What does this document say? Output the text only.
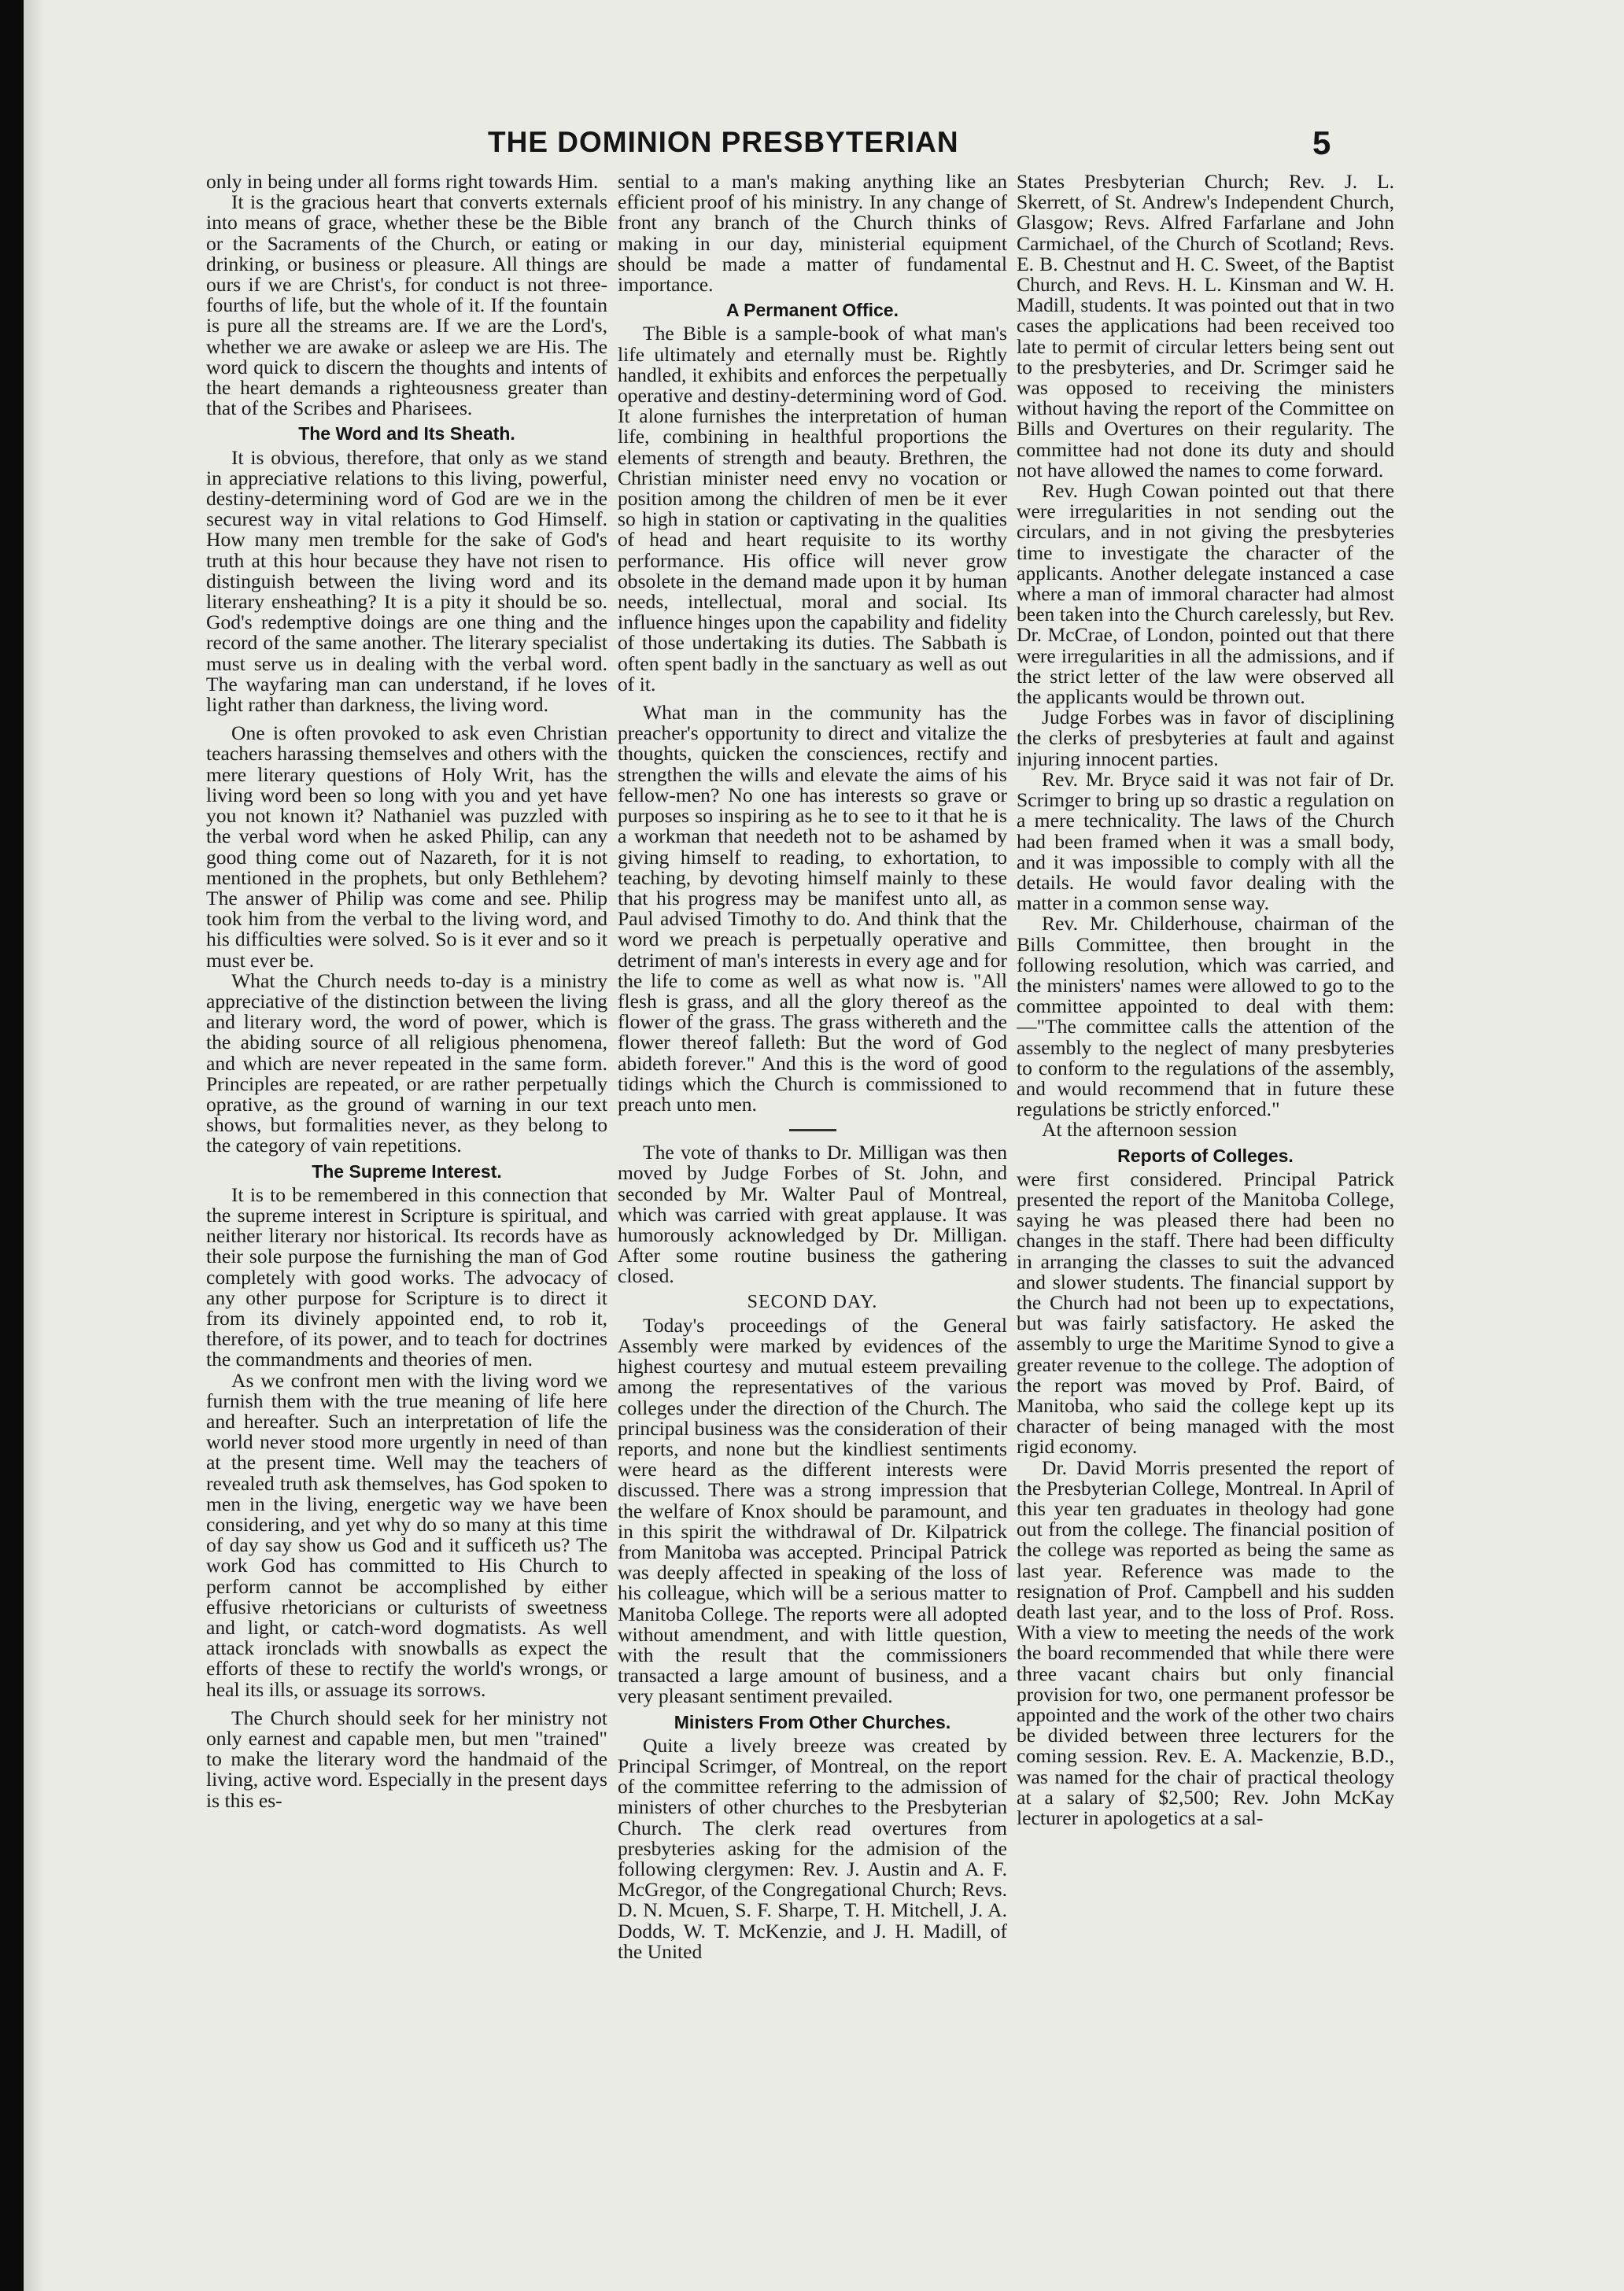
THE DOMINION PRESBYTERIAN	5

only in being under all forms right towards Him.

It is the gracious heart that converts externals into means of grace, whether these be the Bible or the Sacraments of the Church, or eating or drinking, or business or pleasure. All things are ours if we are Christ's, for conduct is not three-fourths of life, but the whole of it. If the fountain is pure all the streams are. If we are the Lord's, whether we are awake or asleep we are His. The word quick to discern the thoughts and intents of the heart demands a righteousness greater than that of the Scribes and Pharisees.

The Word and Its Sheath.

It is obvious, therefore, that only as we stand in appreciative relations to this living, powerful, destiny-determining word of God are we in the securest way in vital relations to God Himself. How many men tremble for the sake of God's truth at this hour because they have not risen to distinguish between the living word and its literary ensheathing? It is a pity it should be so. God's redemptive doings are one thing and the record of the same another. The literary specialist must serve us in dealing with the verbal word. The wayfaring man can understand, if he loves light rather than darkness, the living word.

One is often provoked to ask even Christian teachers harassing themselves and others with the mere literary questions of Holy Writ, has the living word been so long with you and yet have you not known it? Nathaniel was puzzled with the verbal word when he asked Philip, can any good thing come out of Nazareth, for it is not mentioned in the prophets, but only Bethlehem? The answer of Philip was come and see. Philip took him from the verbal to the living word, and his difficulties were solved. So is it ever and so it must ever be.

What the Church needs to-day is a ministry appreciative of the distinction between the living and literary word, the word of power, which is the abiding source of all religious phenomena, and which are never repeated in the same form. Principles are repeated, or are rather perpetually oprative, as the ground of warning in our text shows, but formalities never, as they belong to the category of vain repetitions.

The Supreme Interest.

It is to be remembered in this connection that the supreme interest in Scripture is spiritual, and neither literary nor historical. Its records have as their sole purpose the furnishing the man of God completely with good works. The advocacy of any other purpose for Scripture is to direct it from its divinely appointed end, to rob it, therefore, of its power, and to teach for doctrines the commandments and theories of men.

As we confront men with the living word we furnish them with the true meaning of life here and hereafter. Such an interpretation of life the world never stood more urgently in need of than at the present time. Well may the teachers of revealed truth ask themselves, has God spoken to men in the living, energetic way we have been considering, and yet why do so many at this time of day say show us God and it sufficeth us? The work God has committed to His Church to perform cannot be accomplished by either effusive rhetoricians or culturists of sweetness and light, or catch-word dogmatists. As well attack ironclads with snowballs as expect the efforts of these to rectify the world's wrongs, or heal its ills, or assuage its sorrows.

The Church should seek for her ministry not only earnest and capable men, but men "trained" to make the literary word the handmaid of the living, active word. Especially in the present days is this es-

sential to a man's making anything like an efficient proof of his ministry. In any change of front any branch of the Church thinks of making in our day, ministerial equipment should be made a matter of fundamental importance.

A Permanent Office.

The Bible is a sample-book of what man's life ultimately and eternally must be. Rightly handled, it exhibits and enforces the perpetually operative and destiny-determining word of God. It alone furnishes the interpretation of human life, combining in healthful proportions the elements of strength and beauty. Brethren, the Christian minister need envy no vocation or position among the children of men be it ever so high in station or captivating in the qualities of head and heart requisite to its worthy performance. His office will never grow obsolete in the demand made upon it by human needs, intellectual, moral and social. Its influence hinges upon the capability and fidelity of those undertaking its duties. The Sabbath is often spent badly in the sanctuary as well as out of it.

What man in the community has the preacher's opportunity to direct and vitalize the thoughts, quicken the consciences, rectify and strengthen the wills and elevate the aims of his fellow-men? No one has interests so grave or purposes so inspiring as he to see to it that he is a workman that needeth not to be ashamed by giving himself to reading, to exhortation, to teaching, by devoting himself mainly to these that his progress may be manifest unto all, as Paul advised Timothy to do. And think that the word we preach is perpetually operative and detriment of man's interests in every age and for the life to come as well as what now is. "All flesh is grass, and all the glory thereof as the flower of the grass. The grass withereth and the flower thereof falleth: But the word of God abideth forever." And this is the word of good tidings which the Church is commissioned to preach unto men.

The vote of thanks to Dr. Milligan was then moved by Judge Forbes of St. John, and seconded by Mr. Walter Paul of Montreal, which was carried with great applause. It was humorously acknowledged by Dr. Milligan. After some routine business the gathering closed.

SECOND DAY.

Today's proceedings of the General Assembly were marked by evidences of the highest courtesy and mutual esteem prevailing among the representatives of the various colleges under the direction of the Church. The principal business was the consideration of their reports, and none but the kindliest sentiments were heard as the different interests were discussed. There was a strong impression that the welfare of Knox should be paramount, and in this spirit the withdrawal of Dr. Kilpatrick from Manitoba was accepted. Principal Patrick was deeply affected in speaking of the loss of his colleague, which will be a serious matter to Manitoba College. The reports were all adopted without amendment, and with little question, with the result that the commissioners transacted a large amount of business, and a very pleasant sentiment prevailed.

Ministers From Other Churches.

Quite a lively breeze was created by Principal Scrimger, of Montreal, on the report of the committee referring to the admission of ministers of other churches to the Presbyterian Church. The clerk read overtures from presbyteries asking for the admision of the following clergymen: Rev. J. Austin and A. F. McGregor, of the Congregational Church; Revs. D. N. Mcuen, S. F. Sharpe, T. H. Mitchell, J. A. Dodds, W. T. McKenzie, and J. H. Madill, of the United

States Presbyterian Church; Rev. J. L. Skerrett, of St. Andrew's Independent Church, Glasgow; Revs. Alfred Farfarlane and John Carmichael, of the Church of Scotland; Revs. E. B. Chestnut and H. C. Sweet, of the Baptist Church, and Revs. H. L. Kinsman and W. H. Madill, students. It was pointed out that in two cases the applications had been received too late to permit of circular letters being sent out to the presbyteries, and Dr. Scrimger said he was opposed to receiving the ministers without having the report of the Committee on Bills and Overtures on their regularity. The committee had not done its duty and should not have allowed the names to come forward.

Rev. Hugh Cowan pointed out that there were irregularities in not sending out the circulars, and in not giving the presbyteries time to investigate the character of the applicants. Another delegate instanced a case where a man of immoral character had almost been taken into the Church carelessly, but Rev. Dr. McCrae, of London, pointed out that there were irregularities in all the admissions, and if the strict letter of the law were observed all the applicants would be thrown out.

Judge Forbes was in favor of disciplining the clerks of presbyteries at fault and against injuring innocent parties.

Rev. Mr. Bryce said it was not fair of Dr. Scrimger to bring up so drastic a regulation on a mere technicality. The laws of the Church had been framed when it was a small body, and it was impossible to comply with all the details. He would favor dealing with the matter in a common sense way.

Rev. Mr. Childerhouse, chairman of the Bills Committee, then brought in the following resolution, which was carried, and the ministers' names were allowed to go to the committee appointed to deal with them:—"The committee calls the attention of the assembly to the neglect of many presbyteries to conform to the regulations of the assembly, and would recommend that in future these regulations be strictly enforced."

At the afternoon session

Reports of Colleges.

were first considered. Principal Patrick presented the report of the Manitoba College, saying he was pleased there had been no changes in the staff. There had been difficulty in arranging the classes to suit the advanced and slower students. The financial support by the Church had not been up to expectations, but was fairly satisfactory. He asked the assembly to urge the Maritime Synod to give a greater revenue to the college. The adoption of the report was moved by Prof. Baird, of Manitoba, who said the college kept up its character of being managed with the most rigid economy.

Dr. David Morris presented the report of the Presbyterian College, Montreal. In April of this year ten graduates in theology had gone out from the college. The financial position of the college was reported as being the same as last year. Reference was made to the resignation of Prof. Campbell and his sudden death last year, and to the loss of Prof. Ross. With a view to meeting the needs of the work the board recommended that while there were three vacant chairs but only financial provision for two, one permanent professor be appointed and the work of the other two chairs be divided between three lecturers for the coming session. Rev. E. A. Mackenzie, B.D., was named for the chair of practical theology at a salary of $2,500; Rev. John McKay lecturer in apologetics at a sal-
